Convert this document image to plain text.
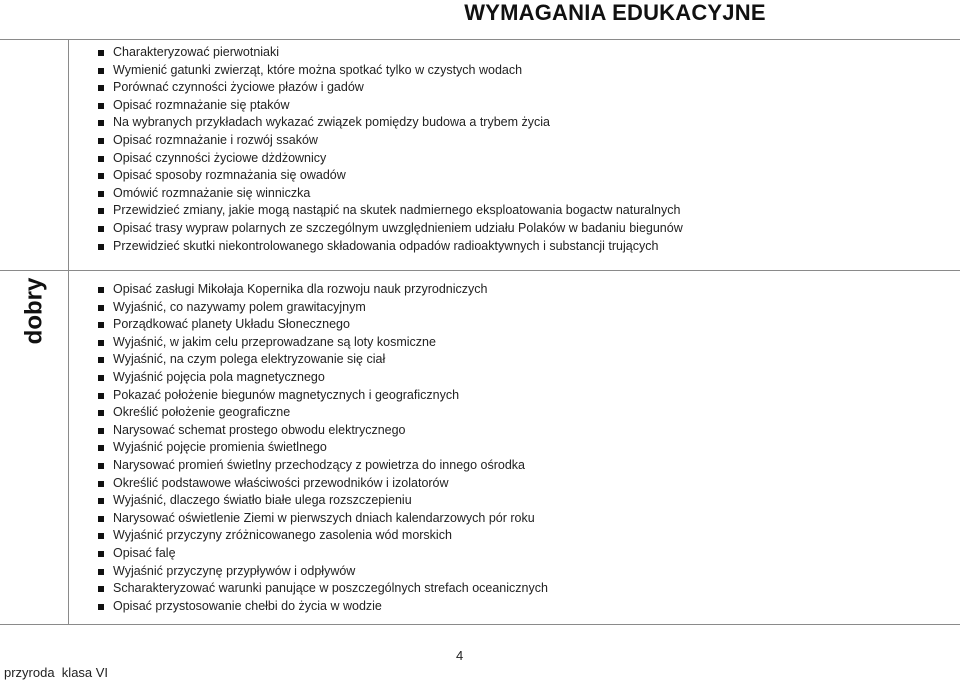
WYMAGANIA EDUKACYJNE
Charakteryzować pierwotniaki
Wymienić gatunki zwierząt, które można spotkać tylko w czystych wodach
Porównać czynności życiowe płazów i gadów
Opisać rozmnażanie się ptaków
Na wybranych przykładach wykazać związek pomiędzy budowa a trybem życia
Opisać rozmnażanie i rozwój ssaków
Opisać czynności życiowe dżdżownicy
Opisać sposoby rozmnażania się owadów
Omówić rozmnażanie się winniczka
Przewidzieć zmiany, jakie mogą nastąpić na skutek nadmiernego eksploatowania bogactw naturalnych
Opisać trasy wypraw polarnych ze szczególnym uwzględnieniem udziału Polaków w badaniu biegunów
Przewidzieć skutki niekontrolowanego składowania odpadów radioaktywnych i substancji trujących
dobry	Opisać zasługi Mikołaja Kopernika dla rozwoju nauk przyrodniczych
Wyjaśnić, co nazywamy polem grawitacyjnym
Porządkować planety Układu Słonecznego
Wyjaśnić, w jakim celu przeprowadzane są loty kosmiczne
Wyjaśnić, na czym polega elektryzowanie się ciał
Wyjaśnić pojęcia pola magnetycznego
Pokazać położenie biegunów magnetycznych i geograficznych
Określić położenie geograficzne
Narysować schemat prostego obwodu elektrycznego
Wyjaśnić pojęcie promienia świetlnego
Narysować promień świetlny przechodzący z powietrza do innego ośrodka
Określić podstawowe właściwości przewodników i izolatorów
Wyjaśnić, dlaczego światło białe ulega rozszczepieniu
Narysować oświetlenie Ziemi w pierwszych dniach kalendarzowych pór roku
Wyjaśnić przyczyny zróżnicowanego zasolenia wód morskich
Opisać falę
Wyjaśnić przyczynę przypływów i odpływów
Scharakteryzować warunki panujące w poszczególnych strefach oceanicznych
Opisać przystosowanie chełbi do życia w wodzie
4
przyroda  klasa VI
